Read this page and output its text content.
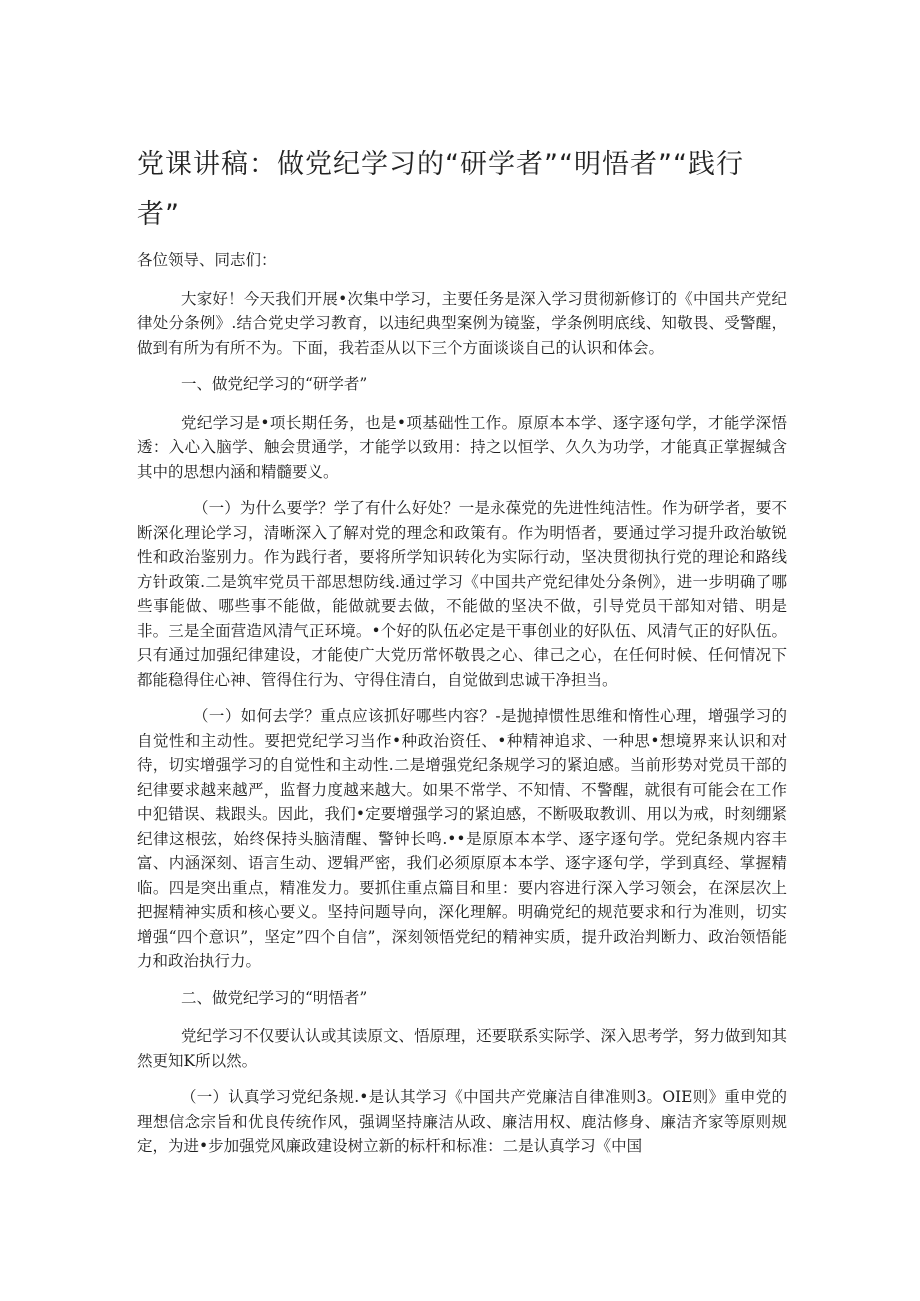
党课讲稿：做党纪学习的“研学者”“明悟者”“践行者”

各位领导、同志们：

大家好！今天我们开展•次集中学习，主要任务是深入学习贯彻新修订的《中国共产党纪律处分条例》.结合党史学习教育，以违纪典型案例为镜鉴，学条例明底线、知敬畏、受警醒，做到有所为有所不为。下面，我若歪从以下三个方面谈谈自己的认识和体会。

一、做党纪学习的“研学者”

党纪学习是•项长期任务，也是•项基础性工作。原原本本学、逐字逐句学，才能学深悟透：入心入脑学、触会贯通学，才能学以致用：持之以恒学、久久为功学，才能真正掌握缄含其中的思想内涵和精髓要义。

（一）为什么要学？学了有什么好处？一是永葆党的先进性纯洁性。作为研学者，要不断深化理论学习，清晰深入了解对党的理念和政策有。作为明悟者，要通过学习提升政治敏锐性和政治鉴别力。作为践行者，要将所学知识转化为实际行动，坚决贯彻执行党的理论和路线方针政策.二是筑牢党员干部思想防线.通过学习《中国共产党纪律处分条例》，进一步明确了哪些事能做、哪些事不能做，能做就要去做，不能做的坚决不做，引导党员干部知对错、明是非。三是全面营造风清气正环境。•个好的队伍必定是干事创业的好队伍、风清气正的好队伍。只有通过加强纪律建设，才能使广大党历常怀敬畏之心、律己之心，在任何时候、任何情况下都能稳得住心神、管得住行为、守得住清白，自觉做到忠诚干净担当。

（一）如何去学？重点应该抓好哪些内容？-是抛掉惯性思维和惰性心理，增强学习的自觉性和主动性。要把党纪学习当作•种政治资任、•种精神追求、一种思•想境界来认识和对待，切实增强学习的自觉性和主动性.二是增强党纪条规学习的紧迫感。当前形势对党员干部的纪律要求越来越严，监督力度越来越大。如果不常学、不知情、不警醒，就很有可能会在工作中犯错误、栽跟头。因此，我们•定要增强学习的紧迫感，不断吸取教训、用以为戒，时刻绷紧纪律这根弦，始终保持头脑清醒、警钟长鸣.••是原原本本学、逐字逐句学。党纪条规内容丰富、内涵深刻、语言生动、逻辑严密，我们必须原原本本学、逐字逐句学，学到真经、掌握精临。四是突出重点，精准发力。要抓住重点篇目和里：要内容进行深入学习领会，在深层次上把握精神实质和核心要义。坚持问题导向，深化理解。明确党纪的规范要求和行为准则，切实增强“四个意识”，坚定”四个自信”，深刻领悟党纪的精神实质，提升政治判断力、政治领悟能力和政治执行力。

二、做党纪学习的“明悟者”

党纪学习不仅要认认或其读原文、悟原理，还要联系实际学、深入思考学，努力做到知其然更知K所以然。

（一）认真学习党纪条规.•是认其学习《中国共产党廉洁自律准则3。OIE则》重申党的理想信念宗旨和优良传统作风，强调坚持廉洁从政、廉洁用权、鹿沽修身、廉洁齐家等原则规定，为进•步加强党风廉政建设树立新的标杆和标准：二是认真学习《中国
